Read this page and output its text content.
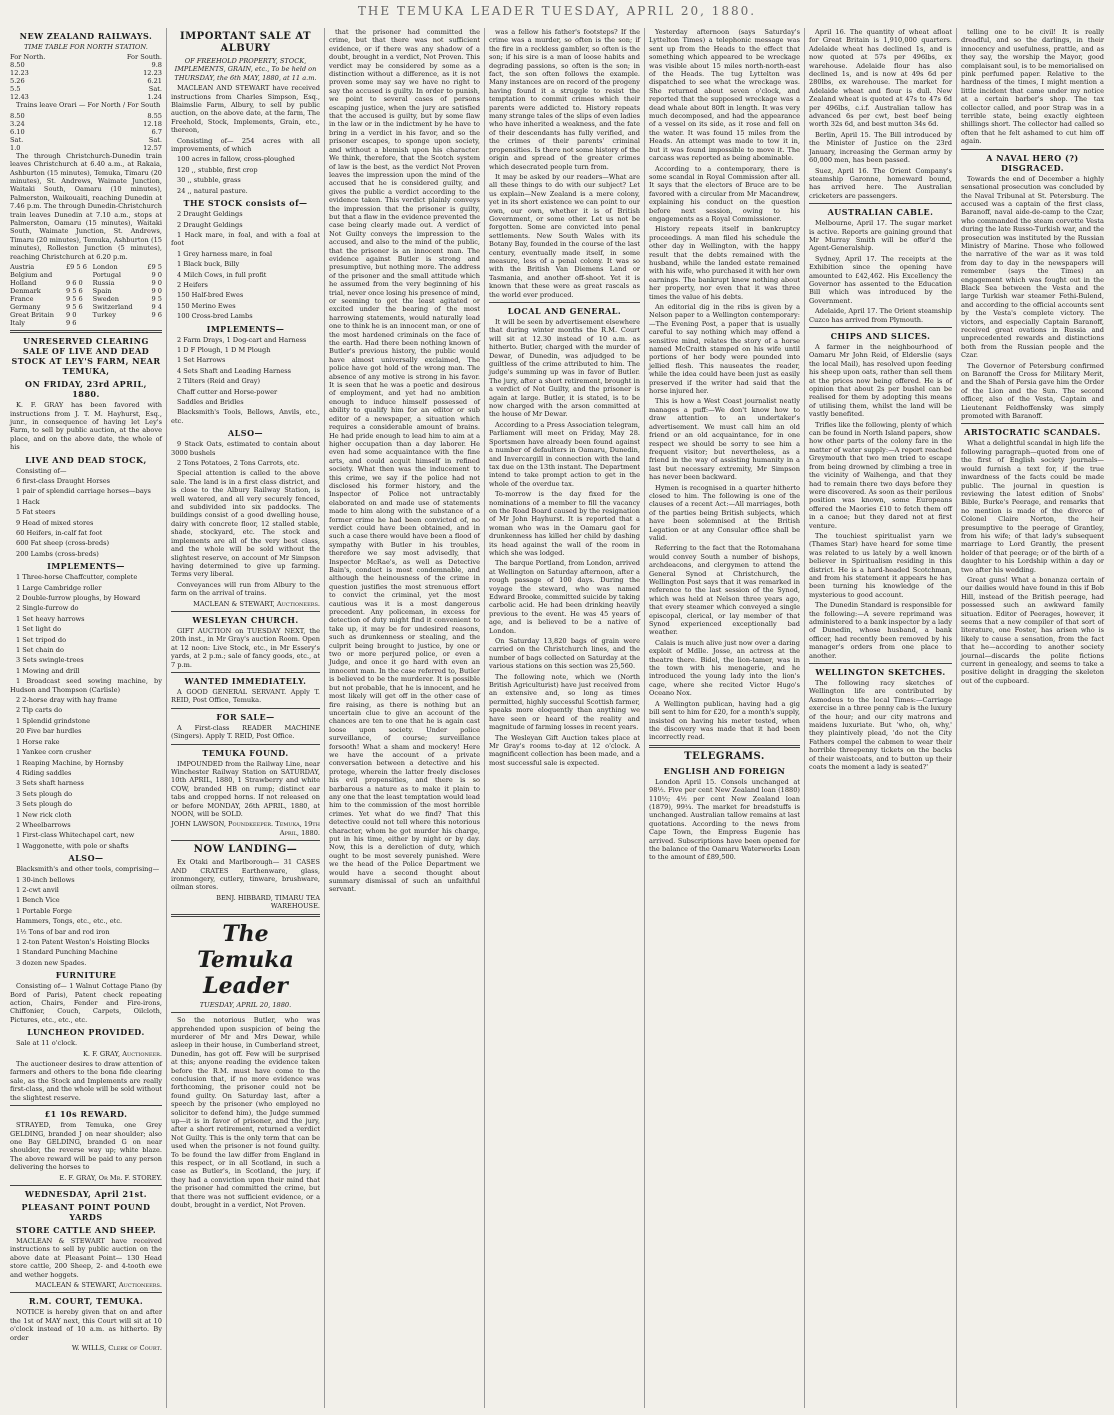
THE TEMUKA LEADER TUESDAY, APRIL 20, 1880.
NEW ZEALAND RAILWAYS.
TIME TABLE FOR NORTH STATION.
For North.	For South.
8.50	9.8
12.23	12.23
5.26	6.21
5.5	Sat.
12.43	1.24

Trains leave Orari — For North / For South

8.50	8.55
3.24	12.18
6.10	6.7
Sat.	Sat.
1.0	12.57

The through Christchurch-Dunedin train leaves Christchurch at 6.40 a.m., at Rakaia, Ashburton (15 minutes), Temuka, Timaru (20 minutes), St. Andrews, Waimate Junction, Waitaki South, Oamaru (10 minutes), Palmerston, Waikouaiti, reaching Dunedin at 7.46 p.m. The through Dunedin-Christchurch train leaves Dunedin at 7.10 a.m., stops at Palmerston, Oamaru (15 minutes), Waitaki South, Waimate Junction, St. Andrews, Timaru (20 minutes), Temuka, Ashburton (15 minutes), Rolleston Junction (5 minutes), reaching Christchurch at 6.20 p.m.

Austria	£9 5 6	London	£9 5
Belgium and		Portugal	9 0
Holland	9 6 0	Russia	9 0
Denmark	9 5 6	Spain	9 0
France	9 5 6	Sweden	9 5
Germany	9 5 6	Switzerland	9 4
Great Britain	9 0	Turkey	9 6
Italy	9 6		
UNRESERVED CLEARING SALE OF LIVE AND DEAD STOCK AT LEY'S FARM, NEAR TEMUKA,
ON FRIDAY, 23rd APRIL, 1880.

K. F. GRAY has been favored with instructions from J. T. M. Hayhurst, Esq., junr., in consequence of having let Ley's Farm, to sell by public auction, at the above place, and on the above date, the whole of his

LIVE AND DEAD STOCK,

Consisting of—

6 first-class Draught Horses

1 pair of splendid carriage horses—bays

1 Hack

5 Fat steers

9 Head of mixed stores

60 Heifers, in-calf fat foot

600 Fat sheep (cross-breds)

200 Lambs (cross-breds)

IMPLEMENTS—

1 Three-horse Chaffcutter, complete

1 Large Cambridge roller

2 Double-furrow ploughs, by Howard

2 Single-furrow do

1 Set heavy harrows

1 Set light do

1 Set tripod do

1 Set chain do

3 Sets swingle-trees

1 Mowing and drill

1 Broadcast seed sowing machine, by Hudson and Thompson (Carlisle)

2 2-horse dray with hay frame

2 Tip carts do

1 Splendid grindstone

20 Five bar hurdles

1 Horse rake

1 Yankee corn crusher

1 Reaping Machine, by Hornsby

4 Riding saddles

3 Sets shaft harness

3 Sets plough do

3 Sets plough do

1 New rick cloth

2 Wheelbarrows

1 First-class Whitechapel cart, new

1 Waggonette, with pole or shafts

ALSO—

Blacksmith's and other tools, comprising—

1 30-inch bellows

1 2-cwt anvil

1 Bench Vice

1 Portable Forge

Hammers, Tongs, etc., etc., etc.

1½ Tons of bar and rod iron

1 2-ton Patent Weston's Hoisting Blocks

1 Standard Punching Machine

3 dozen new Spades.

FURNITURE

Consisting of— 1 Walnut Cottage Piano (by Bord of Paris), Patent check repeating action, Chairs, Fender and Fire-irons, Chiffonier, Couch, Carpets, Oilcloth, Pictures, etc., etc., etc.

LUNCHEON PROVIDED.

Sale at 11 o'clock.

K. F. GRAY, Auctioneer.

The auctioneer desires to draw attention of farmers and others to the bona fide clearing sale, as the Stock and Implements are really first-class, and the whole will be sold without the slightest reserve.

£1 10s REWARD.

STRAYED, from Temuka, one Grey GELDING, branded J on near shoulder; also one Bay GELDING, branded G on near shoulder, the reverse way up; white blaze. The above reward will be paid to any person delivering the horses to

E. F. GRAY, Or Mr. F. STOREY.
WEDNESDAY, April 21st.
PLEASANT POINT POUND YARDS
STORE CATTLE AND SHEEP.

MACLEAN & STEWART have received instructions to sell by public auction on the above date at Pleasant Point— 130 Head store cattle, 200 Sheep, 2- and 4-tooth ewe and wether hoggets.

MACLEAN & STEWART, Auctioneers.
R.M. COURT, TEMUKA.

NOTICE is hereby given that on and after the 1st of MAY next, this Court will sit at 10 o'clock instead of 10 a.m. as hitherto. By order

W. WILLS, Clerk of Court.
IMPORTANT SALE AT ALBURY
OF FREEHOLD PROPERTY, STOCK, IMPLEMENTS, GRAIN, etc., To be held on THURSDAY, the 6th MAY, 1880, at 11 a.m.

MACLEAN AND STEWART have received instructions from Charles Simpson, Esq., Blaimslie Farm, Albury, to sell by public auction, on the above date, at the farm, The Freehold, Stock, Implements, Grain, etc., thereon,

Consisting of— 254 acres with all improvements, of which

100 acres in fallow, cross-ploughed

120 ,, stubble, first crop

30 ,, stubble, grass

24 ,, natural pasture.

THE STOCK consists of—

2 Draught Geldings

2 Draught Geldings

1 Hack mare, in foal, and with a foal at foot

1 Grey harness mare, in foal

1 Black buck, Billy

4 Milch Cows, in full profit

2 Heifers

150 Half-bred Ewes

150 Merino Ewes

100 Cross-bred Lambs

IMPLEMENTS—

2 Farm Drays, 1 Dog-cart and Harness

1 D F Plough, 1 D M Plough

1 Set Harrows

4 Sets Shaft and Leading Harness

2 Tilters (Reid and Gray)

Chaff cutter and Horse-power

Saddles and Bridles

Blacksmith's Tools, Bellows, Anvils, etc., etc.

ALSO—

9 Stack Oats, estimated to contain about 3000 bushels

2 Tons Potatoes, 2 Tons Carrots, etc.

Special attention is called to the above sale. The land is in a first class district, and is close to the Albury Railway Station, is well watered, and all very securely fenced, and subdivided into six paddocks. The buildings consist of a good dwelling house, dairy with concrete floor, 12 stalled stable, shade, stockyard, etc. The stock and implements are all of the very best class, and the whole will be sold without the slightest reserve, on account of Mr Simpson having determined to give up farming. Terms very liberal.

Conveyances will run from Albury to the farm on the arrival of trains.

MACLEAN & STEWART, Auctioneers.
WESLEYAN CHURCH.

GIFT AUCTION on TUESDAY NEXT, the 20th inst., in Mr Gray's auction Room. Open at 12 noon: Live Stock, etc., in Mr Essery's yards, at 2 p.m.; sale of fancy goods, etc., at 7 p.m.

WANTED IMMEDIATELY.

A GOOD GENERAL SERVANT. Apply T. REID, Post Office, Temuka.

FOR SALE—

A First-class READER MACHINE (Singers). Apply T. REID, Post Office.

TEMUKA FOUND.

IMPOUNDED from the Railway Line, near Winchester Railway Station on SATURDAY, 10th APRIL, 1880, 1 Strawberry and white COW, branded HB on rump; distinct ear tabs and cropped horns. If not released on or before MONDAY, 26th APRIL, 1880, at NOON, will be SOLD.

JOHN LAWSON, Poundkeeper. Temuka, 19th April, 1880.
NOW LANDING—

Ex Otaki and Marlborough— 31 CASES AND CRATES Earthenware, glass, ironmongery, cutlery, tinware, brushware, oilman stores.

BENJ. HIBBARD, TIMARU TEA WAREHOUSE.
The Temuka Leader
TUESDAY, APRIL 20, 1880.

So the notorious Butler, who was apprehended upon suspicion of being the murderer of Mr and Mrs Dewar, while asleep in their house, in Cumberland street, Dunedin, has got off. Few will be surprised at this; anyone reading the evidence taken before the R.M. must have come to the conclusion that, if no more evidence was forthcoming, the prisoner could not be found guilty. On Saturday last, after a speech by the prisoner (who employed no solicitor to defend him), the Judge summed up—it is in favor of prisoner, and the jury, after a short retirement, returned a verdict Not Guilty. This is the only term that can be used when the prisoner is not found guilty. To be found the law differ from England in this respect, or in all Scotland, in such a case as Butler's, in Scotland, the jury, if they had a conviction upon their mind that the prisoner had committed the crime, but that there was not sufficient evidence, or a doubt, brought in a verdict, Not Proven.

that the prisoner had committed the crime, but that there was not sufficient evidence, or if there was any shadow of a doubt, brought in a verdict, Not Proven. This verdict may be considered by some as a distinction without a difference, as it is not proven some may say we have no right to say the accused is guilty. In order to punish, we point to several cases of persons escaping justice, when the jury are satisfied that the accused is guilty, but by some flaw in the law or in the indictment by he have to bring in a verdict in his favor, and so the prisoner escapes, to sponge upon society, and without a blemish upon his character. We think, therefore, that the Scotch system of law is the best, as the verdict Not Proven leaves the impression upon the mind of the accused that he is considered guilty, and gives the public a verdict according to the evidence taken. This verdict plainly conveys the impression that the prisoner is guilty, but that a flaw in the evidence prevented the case being clearly made out. A verdict of Not Guilty conveys the impression to the accused, and also to the mind of the public, that the prisoner is an innocent man. The evidence against Butler is strong and presumptive, but nothing more. The address of the prisoner and the small attitude which he assumed from the very beginning of his trial, never once losing his presence of mind, or seeming to get the least agitated or excited under the bearing of the most harrowing statements, would naturally lead one to think he is an innocent man, or one of the most hardened criminals on the face of the earth. Had there been nothing known of Butler's previous history, the public would have almost universally exclaimed, The police have got hold of the wrong man. The absence of any motive is strong in his favor. It is seen that he was a poetic and desirous of employment, and yet had no ambition enough to induce himself possessed of ability to qualify him for an editor or sub editor of a newspaper, a situation which requires a considerable amount of brains. He had pride enough to lead him to aim at a higher occupation than a day laborer. He even had some acquaintance with the fine arts, and could acquit himself in refined society. What then was the inducement to this crime, we say if the police had not disclosed his former history, and the Inspector of Police not untractably elaborated on and made use of statements made to him along with the substance of a former crime he had been convicted of, no verdict could have been obtained, and in such a case there would have been a flood of sympathy with Butler in his troubles, therefore we say most advisedly, that Inspector McRae's, as well as Detective Bain's, conduct is most condemnable, and although the heinousness of the crime in question justifies the most strenuous effort to convict the criminal, yet the most cautious was it is a most dangerous precedent. Any policeman, in excess for detection of duty might find it convenient to take up, it may be for undesired reasons, such as drunkenness or stealing, and the culprit being brought to justice, by one or two or more perjured police, or even a Judge, and once it go hard with even an innocent man. In the case referred to, Butler is believed to be the murderer. It is possible but not probable, that he is innocent, and he most likely will get off in the other case of fire raising, as there is nothing but an uncertain clue to give an account of the chances are ten to one that he is again cast loose upon society. Under police surveillance, of course; surveillance forsooth! What a sham and mockery! Here we have the account of a private conversation between a detective and his protege, wherein the latter freely discloses his evil propensities, and there is so barbarous a nature as to make it plain to any one that the least temptation would lead him to the commission of the most horrible crimes. Yet what do we find? That this detective could not tell where this notorious character, whom he got murder his charge, put in his time, either by night or by day. Now, this is a dereliction of duty, which ought to be most severely punished. Were we the head of the Police Department we would have a second thought about summary dismissal of such an unfaithful servant.

was a fellow his father's footsteps? If the crime was a murder, so often is the son; if the fire in a reckless gambler, so often is the son; if his sire is a man of loose habits and degrading passions, so often is the son; in fact, the son often follows the example. Many instances are on record of the progeny having found it a struggle to resist the temptation to commit crimes which their parents were addicted to. History repeats many strange tales of the slips of even ladies who have inherited a weakness, and the fate of their descendants has fully verified, and the crimes of their parents' criminal propensities. Is there not some history of the origin and spread of the greater crimes which desecrated people turn from.

It may be asked by our readers—What are all these things to do with our subject? Let us explain—New Zealand is a mere colony, yet in its short existence we can point to our own, our own, whether it is of British Government, or some other. Let us not be forgotten. Some are convicted into penal settlements. New South Wales with its Botany Bay, founded in the course of the last century, eventually made itself, in some measure, less of a penal colony. It was so with the British Van Diemens Land or Tasmania, and another off-shoot. Yet it is known that these were as great rascals as the world ever produced.

LOCAL AND GENERAL.

It will be seen by advertisement elsewhere that during winter months the R.M. Court will sit at 12.30 instead of 10 a.m. as hitherto. Butler, charged with the murder of Dewar, of Dunedin, was adjudged to be guiltless of the crime attributed to him. The judge's summing up was in favor of Butler. The jury, after a short retirement, brought in a verdict of Not Guilty, and the prisoner is again at large. Butler, it is stated, is to be now charged with the arson committed at the house of Mr Dewar.

According to a Press Association telegram, Parliament will meet on Friday, May 28. Sportsmen have already been found against a number of defaulters in Oamaru, Dunedin, and Invercargill in connection with the land tax due on the 13th instant. The Department intend to take prompt action to get in the whole of the overdue tax.

To-morrow is the day fixed for the nominations of a member to fill the vacancy on the Road Board caused by the resignation of Mr John Hayhurst. It is reported that a woman who was in the Oamaru gaol for drunkenness has killed her child by dashing its head against the wall of the room in which she was lodged.

The barque Portland, from London, arrived at Wellington on Saturday afternoon, after a rough passage of 100 days. During the voyage the steward, who was named Edward Brooke, committed suicide by taking carbolic acid. He had been drinking heavily previous to the event. He was 45 years of age, and is believed to be a native of London.

On Saturday 13,820 bags of grain were carried on the Christchurch lines, and the number of bags collected on Saturday at the various stations on this section was 25,560.

The following note, which we (North British Agriculturist) have just received from an extensive and, so long as times permitted, highly successful Scottish farmer, speaks more eloquently than anything we have seen or heard of the reality and magnitude of farming losses in recent years.

The Wesleyan Gift Auction takes place at Mr Gray's rooms to-day at 12 o'clock. A magnificent collection has been made, and a most successful sale is expected.

Yesterday afternoon (says Saturday's Lyttelton Times) a telephonic message was sent up from the Heads to the effect that something which appeared to be wreckage was visible about 15 miles north-north-east of the Heads. The tug Lyttelton was dispatched to see what the wreckage was. She returned about seven o'clock, and reported that the supposed wreckage was a dead whale about 80ft in length. It was very much decomposed, and had the appearance of a vessel on its side, as it rose and fell on the water. It was found 15 miles from the Heads. An attempt was made to tow it in, but it was found impossible to move it. The carcass was reported as being abominable.

According to a contemporary, there is some scandal in Royal Commission after all. It says that the electors of Bruce are to be favored with a circular from Mr Macandrew, explaining his conduct on the question before next session, owing to his engagements as a Royal Commissioner.

History repeats itself in bankruptcy proceedings. A man filed his schedule the other day in Wellington, with the happy result that the debts remained with the husband, while the landed estate remained with his wife, who purchased it with her own earnings. The bankrupt knew nothing about her property, nor even that it was three times the value of his debts.

An editorial dig in the ribs is given by a Nelson paper to a Wellington contemporary:—The Evening Post, a paper that is usually careful to say nothing which may offend a sensitive mind, relates the story of a horse named McCraith stamped on his wife until portions of her body were pounded into jellied flesh. This nauseates the reader, while the idea could have been just as easily preserved if the writer had said that the horse injured her.

This is how a West Coast journalist neatly manages a puff:—We don't know how to draw attention to an undertaker's advertisement. We must call him an old friend or an old acquaintance, for in one respect we should be sorry to see him a frequent visitor; but nevertheless, as a friend in the way of assisting humanity in a last but necessary extremity, Mr Simpson has never been backward.

Hymen is recognised in a quarter hitherto closed to him. The following is one of the clauses of a recent Act:—All marriages, both of the parties being British subjects, which have been solemnised at the British Legation or at any Consular office shall be valid.

Referring to the fact that the Rotomahana would convey South a number of bishops, archdeacons, and clergymen to attend the General Synod at Christchurch, the Wellington Post says that it was remarked in reference to the last session of the Synod, which was held at Nelson three years ago, that every steamer which conveyed a single episcopal, clerical, or lay member of that Synod experienced exceptionally bad weather.

Calais is much alive just now over a daring exploit of Mdlle. Josse, an actress at the theatre there. Bidel, the lion-tamer, was in the town with his menagerie, and he introduced the young lady into the lion's cage, where she recited Victor Hugo's Oceano Nox.

A Wellington publican, having had a gig bill sent to him for £20, for a month's supply, insisted on having his meter tested, when the discovery was made that it had been incorrectly read.

TELEGRAMS.
ENGLISH AND FOREIGN

London April 15. Consols unchanged at 98½. Five per cent New Zealand loan (1880) 110½; 4½ per cent New Zealand loan (1879), 99¼. The market for breadstuffs is unchanged. Australian tallow remains at last quotations. According to the news from Cape Town, the Empress Eugenie has arrived. Subscriptions have been opened for the balance of the Oamaru Waterworks Loan to the amount of £89,500.

April 16. The quantity of wheat afloat for Great Britain is 1,910,000 quarters. Adelaide wheat has declined 1s, and is now quoted at 57s per 496lbs, ex warehouse. Adelaide flour has also declined 1s, and is now at 49s 6d per 280lbs, ex warehouse. The market for Adelaide wheat and flour is dull. New Zealand wheat is quoted at 47s to 47s 6d per 496lbs, c.i.f. Australian tallow has advanced 6s per cwt, best beef being worth 32s 6d, and best mutton 34s 6d.

Berlin, April 15. The Bill introduced by the Minister of Justice on the 23rd January, increasing the German army by 60,000 men, has been passed.

Suez, April 16. The Orient Company's steamship Garonne, homeward bound, has arrived here. The Australian cricketers are passengers.

AUSTRALIAN CABLE.

Melbourne, April 17. The sugar market is active. Reports are gaining ground that Mr Murray Smith will be offer'd the Agent-Generalship.

Sydney, April 17. The receipts at the Exhibition since the opening have amounted to £42,462. His Excellency the Governor has assented to the Education Bill which was introduced by the Government.

Adelaide, April 17. The Orient steamship Cuzco has arrived from Plymouth.

CHIPS AND SLICES.

A farmer in the neighbourhood of Oamaru Mr John Reid, of Elderslie (says the local Mail), has resolved upon feeding his sheep upon oats, rather than sell them at the prices now being offered. He is of opinion that about 2s per bushel can be realised for them by adopting this means of utilising them, whilst the land will be vastly benefited.

Trifles like the following, plenty of which can be found in North Island papers, show how other parts of the colony fare in the matter of water supply:—A report reached Greymouth that two men tried to escape from being drowned by climbing a tree in the vicinity of Waihenga, and that they had to remain there two days before they were discovered. As soon as their perilous position was known, some Europeans offered the Maories £10 to fetch them off in a canoe; but they dared not at first venture.

The touchiest spiritualist yarn we (Thames Star) have heard for some time was related to us lately by a well known believer in Spiritualism residing in this district. He is a hard-headed Scotchman, and from his statement it appears he has been turning his knowledge of the mysterious to good account.

The Dunedin Standard is responsible for the following:—A severe reprimand was administered to a bank inspector by a lady of Dunedin, whose husband, a bank officer, had recently been removed by his manager's orders from one place to another.

WELLINGTON SKETCHES.

The following racy sketches of Wellington life are contributed by Asmodeus to the local Times:—Carriage exercise in a three penny cab is the luxury of the hour; and our city matrons and maidens luxuriate. But 'who, oh, why,' they plaintively plead, 'do not the City Fathers compel the cabmen to wear their horrible threepenny tickets on the backs of their waistcoats, and to button up their coats the moment a lady is seated?'

telling one to be civil! It is really dreadful, and so the darlings, in their innocency and usefulness, prattle, and as they say, the worship the Mayor, good complaisant soul, is to be memorialised on pink perfumed paper. Relative to the hardness of the times, I might mention a little incident that came under my notice at a certain barber's shop. The tax collector called, and poor Strap was in a terrible state, being exactly eighteen shillings short. The collector had called so often that he felt ashamed to cut him off again.

A NAVAL HERO (?) DISGRACED.

Towards the end of December a highly sensational prosecution was concluded by the Naval Tribunal at St. Petersburg. The accused was a captain of the first class, Baranoff, naval aide-de-camp to the Czar, who commanded the steam corvette Vesta during the late Russo-Turkish war, and the prosecution was instituted by the Russian Ministry of Marine. Those who followed the narrative of the war as it was told from day to day in the newspapers will remember (says the Times) an engagement which was fought out in the Black Sea between the Vesta and the large Turkish war steamer Fethi-Bulend, and according to the official accounts sent by the Vesta's complete victory. The victors, and especially Captain Baranoff, received great ovations in Russia and unprecedented rewards and distinctions both from the Russian people and the Czar.

The Governor of Petersburg confirmed on Baranoff the Cross for Military Merit, and the Shah of Persia gave him the Order of the Lion and the Sun. The second officer, also of the Vesta, Captain and Lieutenant Feldhoffensky was simply promoted with Baranoff.

ARISTOCRATIC SCANDALS.

What a delightful scandal in high life the following paragraph—quoted from one of the first of English society journals—would furnish a text for, if the true inwardness of the facts could be made public. The journal in question is reviewing the latest edition of Snobs' Bible, Burke's Peerage, and remarks that no mention is made of the divorce of Colonel Claire Norton, the heir presumptive to the peerage of Grantley, from his wife; of that lady's subsequent marriage to Lord Grantly, the present holder of that peerage; or of the birth of a daughter to his Lordship within a day or two after his wedding.

Great guns! What a bonanza certain of our dailies would have found in this if Bob Hill, instead of the British peerage, had possessed such an awkward family situation. Editor of Peerages, however, it seems that a new compiler of that sort of literature, one Foster, has arisen who is likely to cause a sensation, from the fact that he—according to another society journal—discards the polite fictions current in genealogy, and seems to take a positive delight in dragging the skeleton out of the cupboard.
